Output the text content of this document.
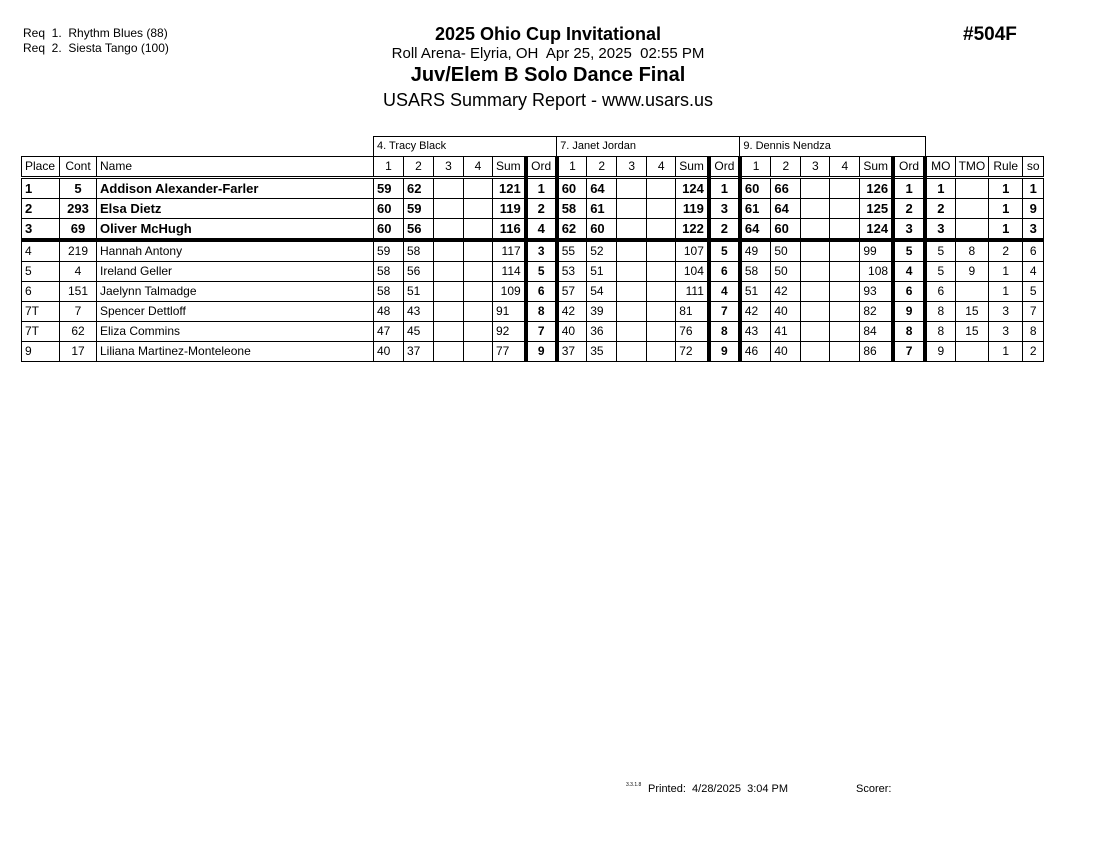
Req  1.  Rhythm Blues (88)
Req  2.  Siesta Tango (100)
2025 Ohio Cup Invitational
Roll Arena- Elyria, OH  Apr 25, 2025  02:55 PM
Juv/Elem B Solo Dance Final
USARS Summary Report - www.usars.us
#504F
			4. Tracy Black						7. Janet Jordan						9. Dennis Nendza									
Place	Cont	Name	1	2	3	4	Sum	Ord	1	2	3	4	Sum	Ord	1	2	3	4	Sum	Ord	MO	TMO	Rule	so
1	5	Addison Alexander-Farler	59	62			121	1	60	64			124	1	60	66			126	1	1		1	1
2	293	Elsa Dietz	60	59			119	2	58	61			119	3	61	64			125	2	2		1	9
3	69	Oliver McHugh	60	56			116	4	62	60			122	2	64	60			124	3	3		1	3
4	219	Hannah Antony	59	58			117	3	55	52			107	5	49	50			99	5	5	8	2	6
5	4	Ireland Geller	58	56			114	5	53	51			104	6	58	50			108	4	5	9	1	4
6	151	Jaelynn Talmadge	58	51			109	6	57	54			111	4	51	42			93	6	6		1	5
7T	7	Spencer Dettloff	48	43			91	8	42	39			81	7	42	40			82	9	8	15	3	7
7T	62	Eliza Commins	47	45			92	7	40	36			76	8	43	41			84	8	8	15	3	8
9	17	Liliana Martinez-Monteleone	40	37			77	9	37	35			72	9	46	40			86	7	9		1	2
3.3.1.8 Printed:  4/28/2025  3:04 PM	Scorer:
